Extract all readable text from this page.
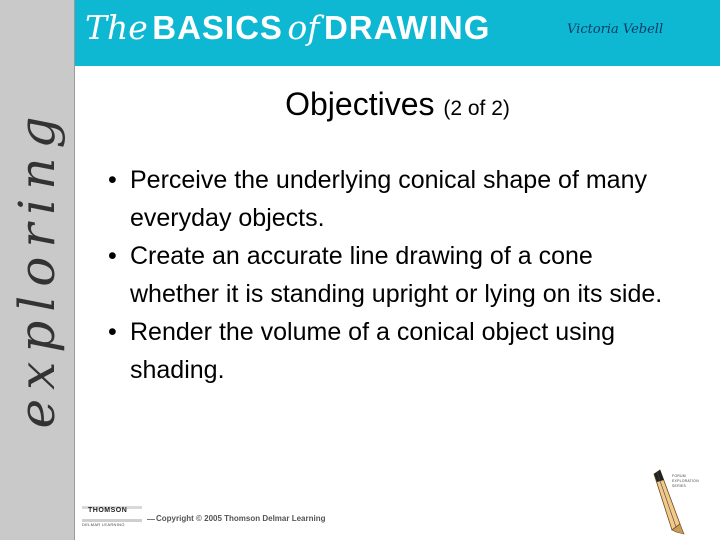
exploring
The BASICS of DRAWING	Victoria Vebell
Objectives (2 of 2)
• Perceive the underlying conical shape of many everyday objects.
• Create an accurate line drawing of a cone whether it is standing upright or lying on its side.
• Render the volume of a conical object using shading.
THOMSON
DELMAR LEARNING
Copyright © 2005 Thomson Delmar Learning
FORUM
EXPLORATION
SERIES
